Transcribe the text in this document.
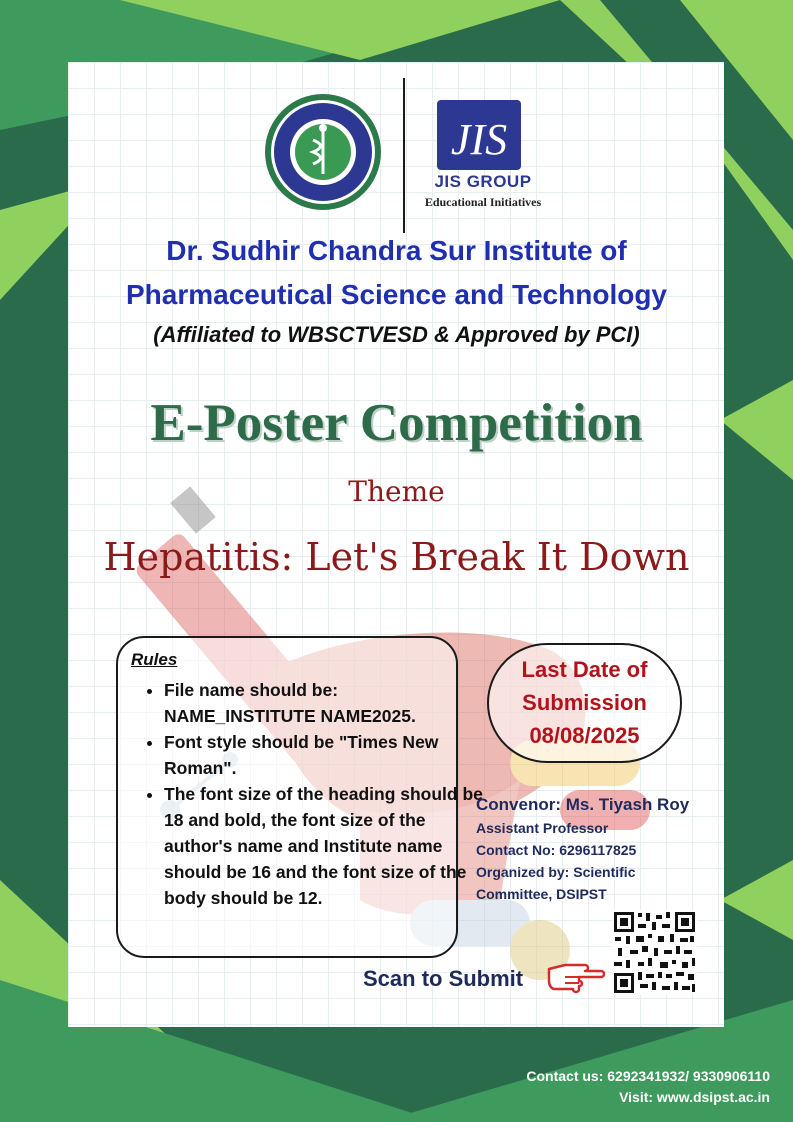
JIS
JIS GROUP
Educational Initiatives
Dr. Sudhir Chandra Sur Institute of
Pharmaceutical Science and Technology
(Affiliated to WBSCTVESD & Approved by PCI)
E-Poster Competition
Theme
Hepatitis: Let's Break It Down
Rules
• File name should be: NAME_INSTITUTE NAME2025.
• Font style should be "Times New Roman".
• The font size of the heading should be 18 and bold, the font size of the author's name and Institute name should be 16 and the font size of the body should be 12.
Last Date of
Submission
08/08/2025
Convenor: Ms. Tiyash Roy
Assistant Professor
Contact No: 6296117825
Organized by: Scientific
Committee, DSIPST
Scan to Submit
Contact us: 6292341932/ 9330906110
Visit: www.dsipst.ac.in
